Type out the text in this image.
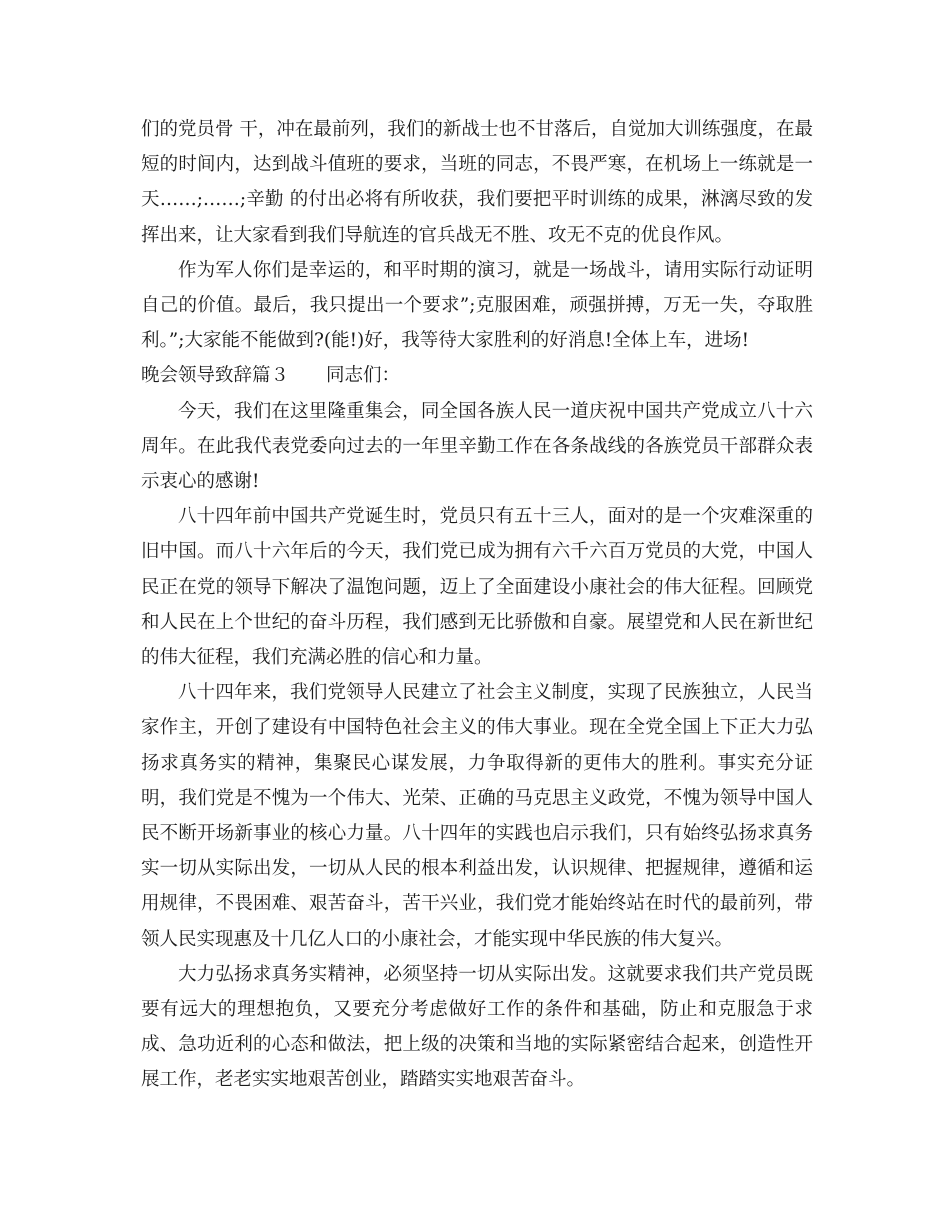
们的党员骨 干，冲在最前列，我们的新战士也不甘落后，自觉加大训练强度，在最短的时间内，达到战斗值班的要求，当班的同志，不畏严寒，在机场上一练就是一天……;……;辛勤 的付出必将有所收获，我们要把平时训练的成果，淋漓尽致的发挥出来，让大家看到我们导航连的官兵战无不胜、攻无不克的优良作风。

作为军人你们是幸运的，和平时期的演习，就是一场战斗，请用实际行动证明自己的价值。最后，我只提出一个要求”;克服困难，顽强拼搏，万无一失，夺取胜利。”;大家能不能做到?(能!)好，我等待大家胜利的好消息!全体上车，进场!

晚会领导致辞篇３　　同志们：

今天，我们在这里隆重集会，同全国各族人民一道庆祝中国共产党成立八十六周年。在此我代表党委向过去的一年里辛勤工作在各条战线的各族党员干部群众表示衷心的感谢!

八十四年前中国共产党诞生时，党员只有五十三人，面对的是一个灾难深重的旧中国。而八十六年后的今天，我们党已成为拥有六千六百万党员的大党，中国人民正在党的领导下解决了温饱问题，迈上了全面建设小康社会的伟大征程。回顾党和人民在上个世纪的奋斗历程，我们感到无比骄傲和自豪。展望党和人民在新世纪的伟大征程，我们充满必胜的信心和力量。

八十四年来，我们党领导人民建立了社会主义制度，实现了民族独立，人民当家作主，开创了建设有中国特色社会主义的伟大事业。现在全党全国上下正大力弘扬求真务实的精神，集聚民心谋发展，力争取得新的更伟大的胜利。事实充分证明，我们党是不愧为一个伟大、光荣、正确的马克思主义政党，不愧为领导中国人民不断开场新事业的核心力量。八十四年的实践也启示我们，只有始终弘扬求真务实一切从实际出发，一切从人民的根本利益出发，认识规律、把握规律，遵循和运用规律，不畏困难、艰苦奋斗，苦干兴业，我们党才能始终站在时代的最前列，带领人民实现惠及十几亿人口的小康社会，才能实现中华民族的伟大复兴。

大力弘扬求真务实精神，必须坚持一切从实际出发。这就要求我们共产党员既要有远大的理想抱负，又要充分考虑做好工作的条件和基础，防止和克服急于求成、急功近利的心态和做法，把上级的决策和当地的实际紧密结合起来，创造性开展工作，老老实实地艰苦创业，踏踏实实地艰苦奋斗。
